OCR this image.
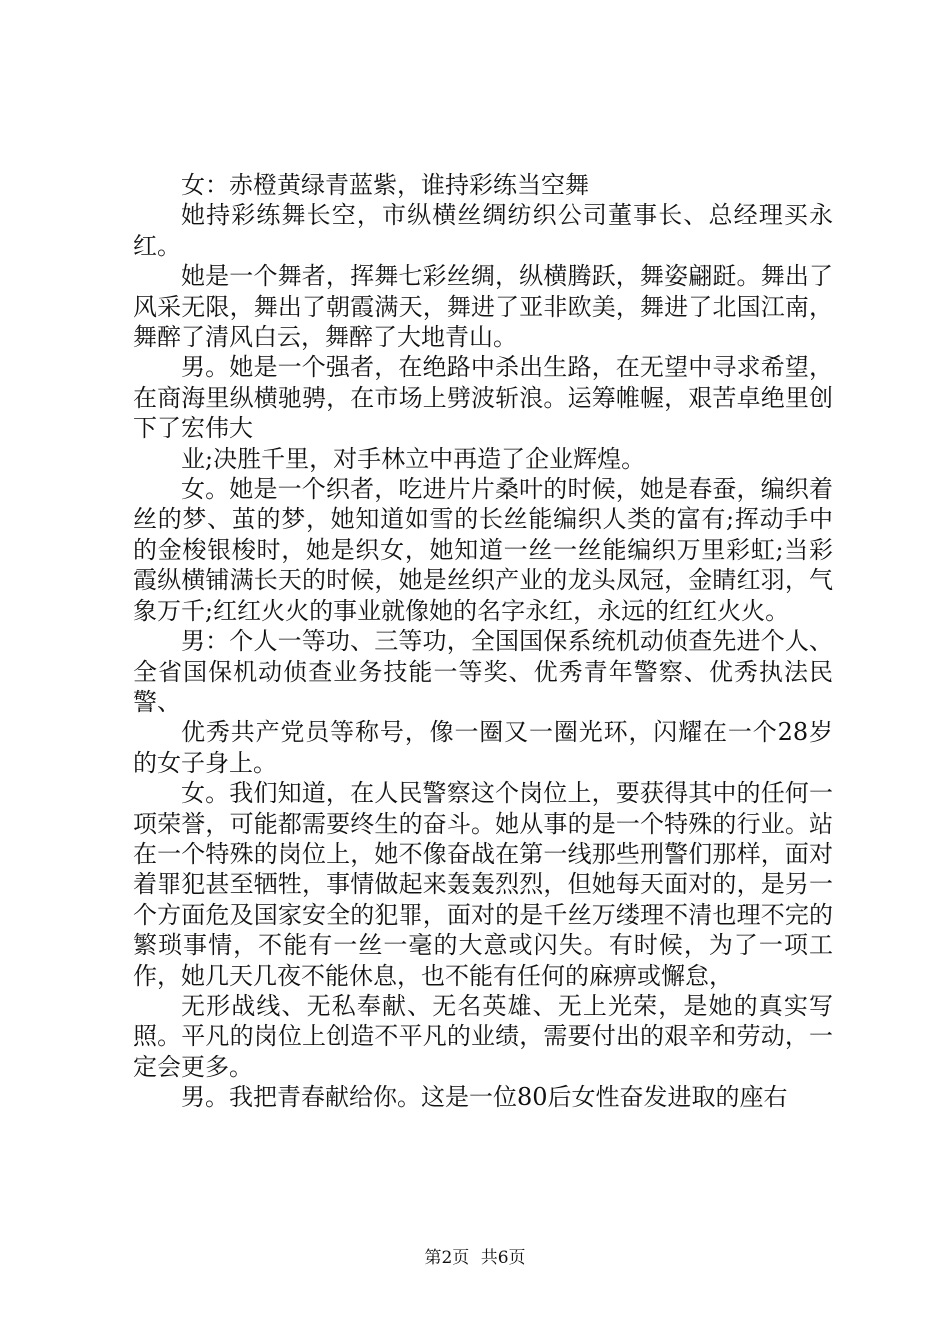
女：赤橙黄绿青蓝紫，谁持彩练当空舞

她持彩练舞长空，市纵横丝绸纺织公司董事长、总经理买永红。

她是一个舞者，挥舞七彩丝绸，纵横腾跃，舞姿翩跹。舞出了风采无限，舞出了朝霞满天，舞进了亚非欧美，舞进了北国江南，舞醉了清风白云，舞醉了大地青山。

男。她是一个强者，在绝路中杀出生路，在无望中寻求希望，在商海里纵横驰骋，在市场上劈波斩浪。运筹帷幄，艰苦卓绝里创下了宏伟大

业;决胜千里，对手林立中再造了企业辉煌。

女。她是一个织者，吃进片片桑叶的时候，她是春蚕，编织着丝的梦、茧的梦，她知道如雪的长丝能编织人类的富有;挥动手中的金梭银梭时，她是织女，她知道一丝一丝能编织万里彩虹;当彩霞纵横铺满长天的时候，她是丝织产业的龙头凤冠，金睛红羽，气象万千;红红火火的事业就像她的名字永红，永远的红红火火。

男：个人一等功、三等功，全国国保系统机动侦查先进个人、全省国保机动侦查业务技能一等奖、优秀青年警察、优秀执法民警、

优秀共产党员等称号，像一圈又一圈光环，闪耀在一个28岁的女子身上。

女。我们知道，在人民警察这个岗位上，要获得其中的任何一项荣誉，可能都需要终生的奋斗。她从事的是一个特殊的行业。站在一个特殊的岗位上，她不像奋战在第一线那些刑警们那样，面对着罪犯甚至牺牲，事情做起来轰轰烈烈，但她每天面对的，是另一个方面危及国家安全的犯罪，面对的是千丝万缕理不清也理不完的繁琐事情，不能有一丝一毫的大意或闪失。有时候，为了一项工作，她几天几夜不能休息，也不能有任何的麻痹或懈怠，

无形战线、无私奉献、无名英雄、无上光荣，是她的真实写照。平凡的岗位上创造不平凡的业绩，需要付出的艰辛和劳动，一定会更多。

男。我把青春献给你。这是一位80后女性奋发进取的座右

第2页 共6页
